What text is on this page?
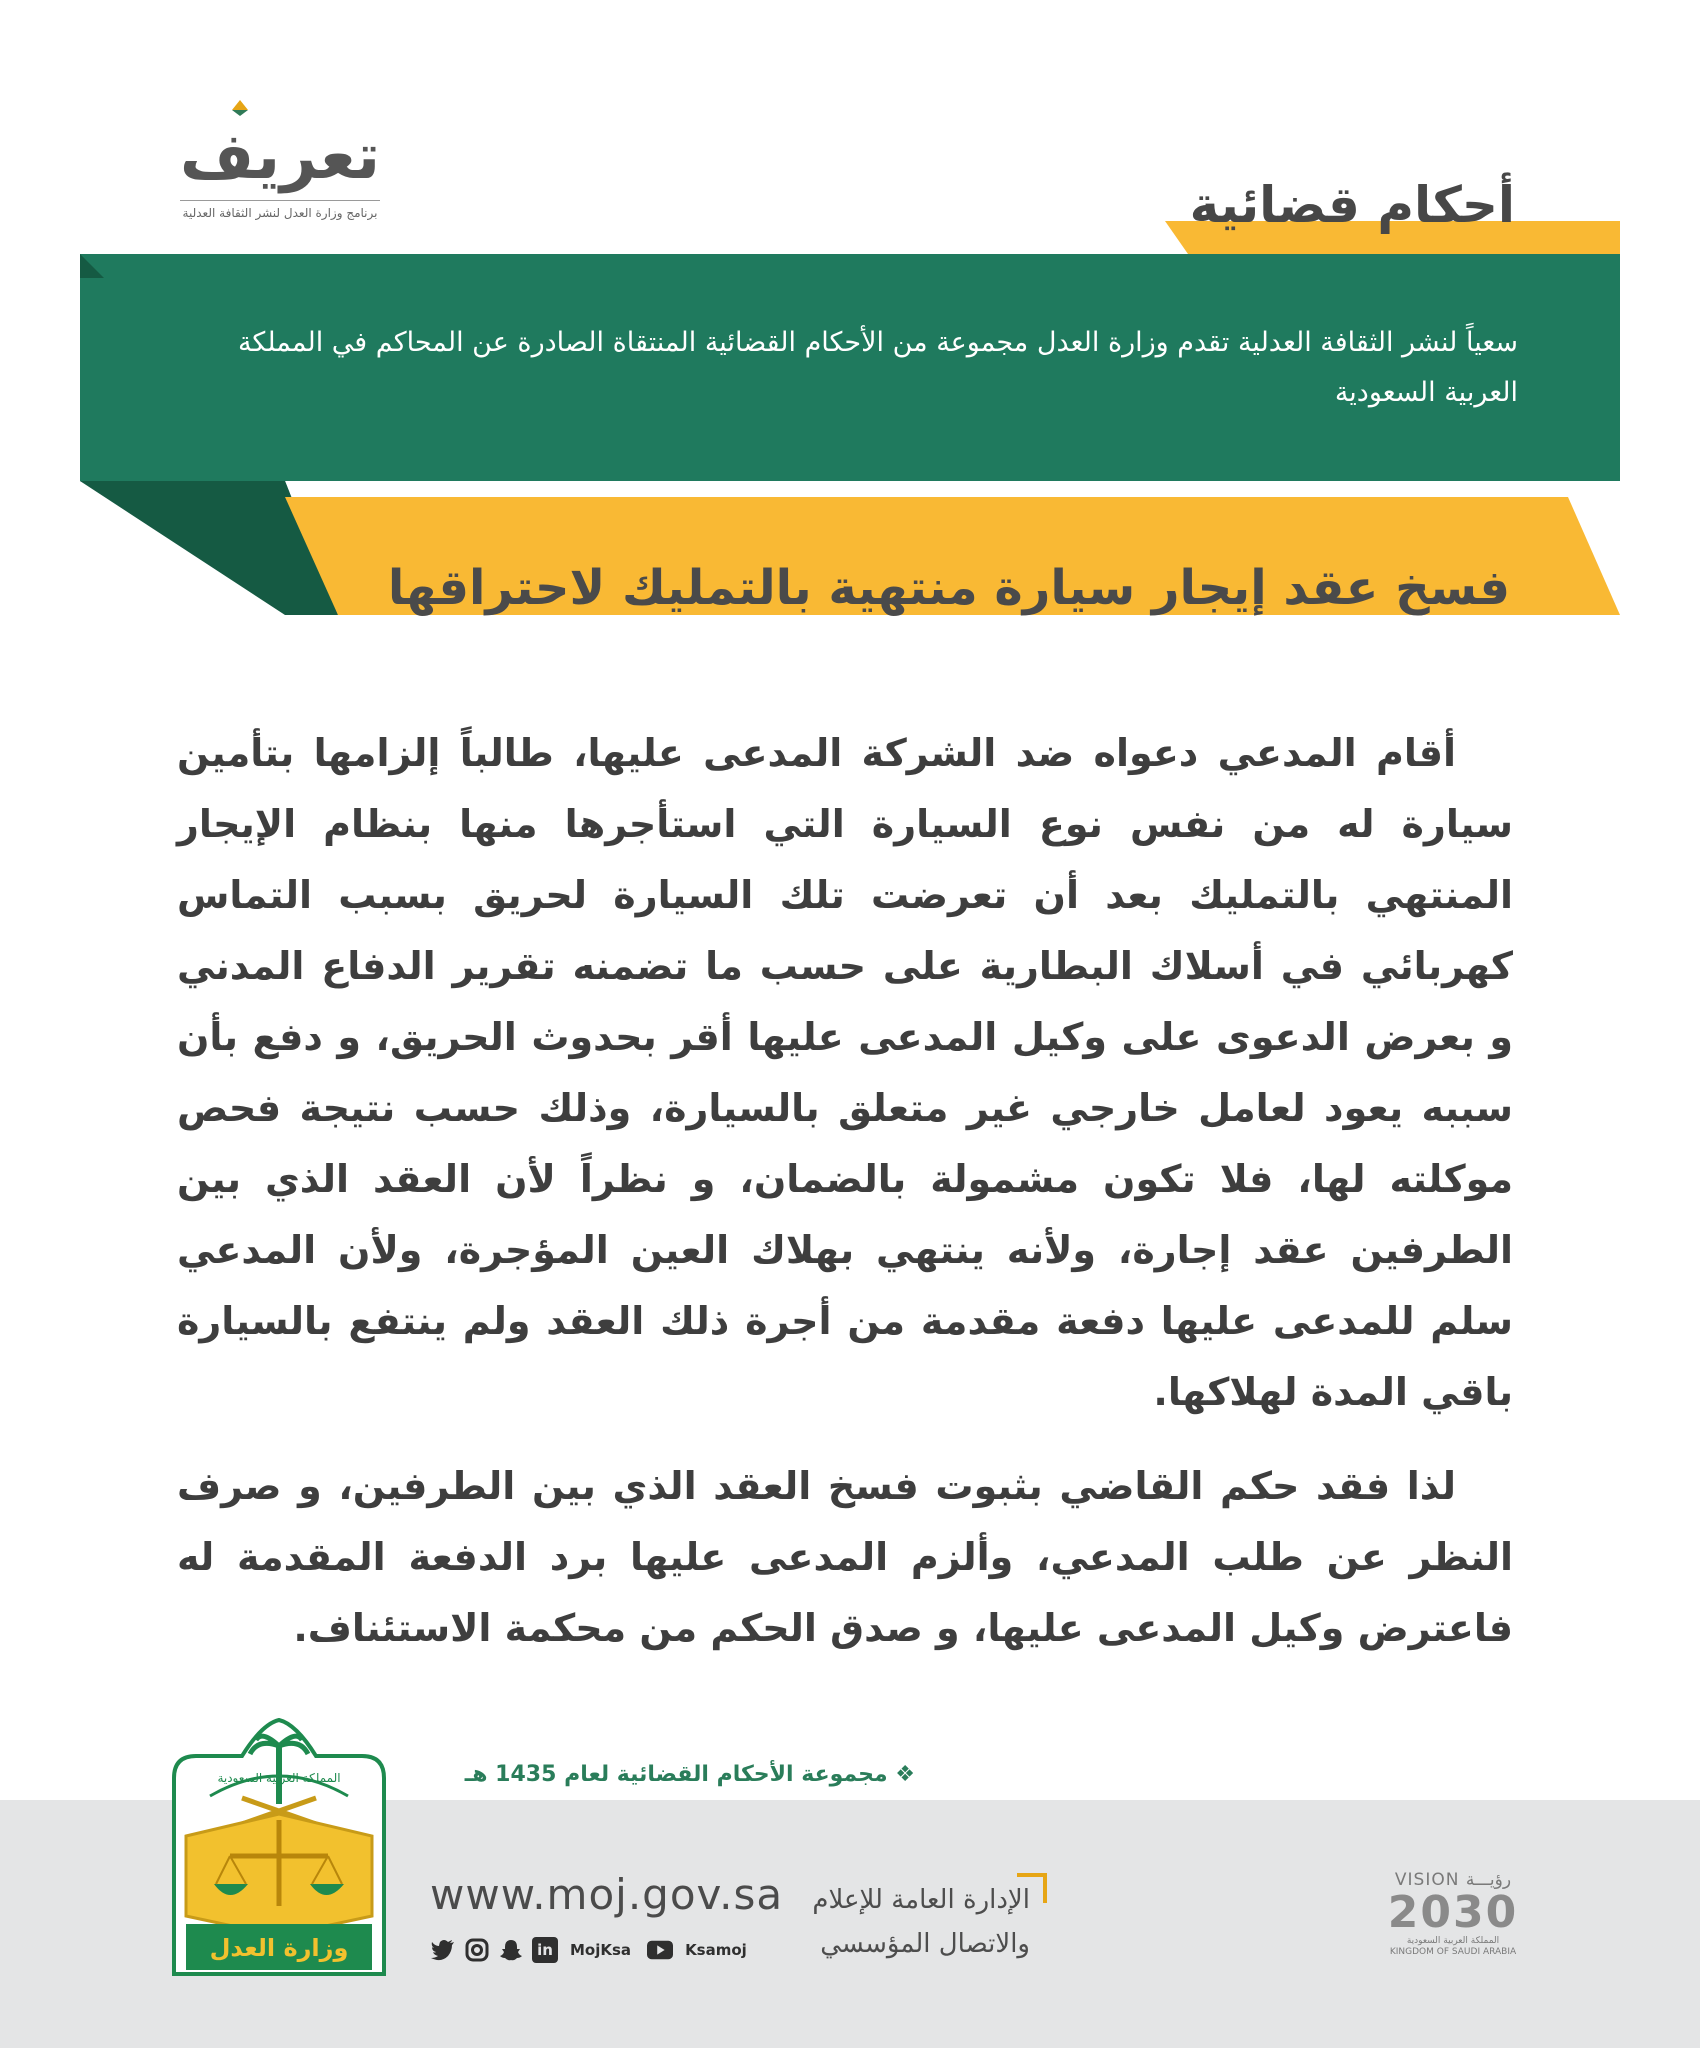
تعريف
برنامج وزارة العدل لنشر الثقافة العدلية	أحكام قضائية
سعياً لنشر الثقافة العدلية تقدم وزارة العدل مجموعة من الأحكام القضائية المنتقاة الصادرة عن المحاكم في المملكة العربية السعودية
فسخ عقد إيجار سيارة منتهية بالتمليك لاحتراقها
أقام المدعي دعواه ضد الشركة المدعى عليها، طالباً إلزامها بتأمين سيارة له من نفس نوع السيارة التي استأجرها منها بنظام الإيجار المنتهي بالتمليك بعد أن تعرضت تلك السيارة لحريق بسبب التماس كهربائي في أسلاك البطارية على حسب ما تضمنه تقرير الدفاع المدني و بعرض الدعوى على وكيل المدعى عليها أقر بحدوث الحريق، و دفع بأن سببه يعود لعامل خارجي غير متعلق بالسيارة، وذلك حسب نتيجة فحص موكلته لها، فلا تكون مشمولة بالضمان، و نظراً لأن العقد الذي بين الطرفين عقد إجارة، ولأنه ينتهي بهلاك العين المؤجرة، ولأن المدعي سلم للمدعى عليها دفعة مقدمة من أجرة ذلك العقد ولم ينتفع بالسيارة باقي المدة لهلاكها.
لذا فقد حكم القاضي بثبوت فسخ العقد الذي بين الطرفين، و صرف النظر عن طلب المدعي، وألزم المدعى عليها برد الدفعة المقدمة له فاعترض وكيل المدعى عليها، و صدق الحكم من محكمة الاستئناف.
❖ مجموعة الأحكام القضائية لعام 1435 هـ
المملكة العربية السعودية
وزارة العدل
www.moj.gov.sa
in	MojKsa	Ksamoj
الإدارة العامة للإعلام
والاتصال المؤسسي
VISION رؤيـــة
2030
المملكة العربية السعودية
KINGDOM OF SAUDI ARABIA
